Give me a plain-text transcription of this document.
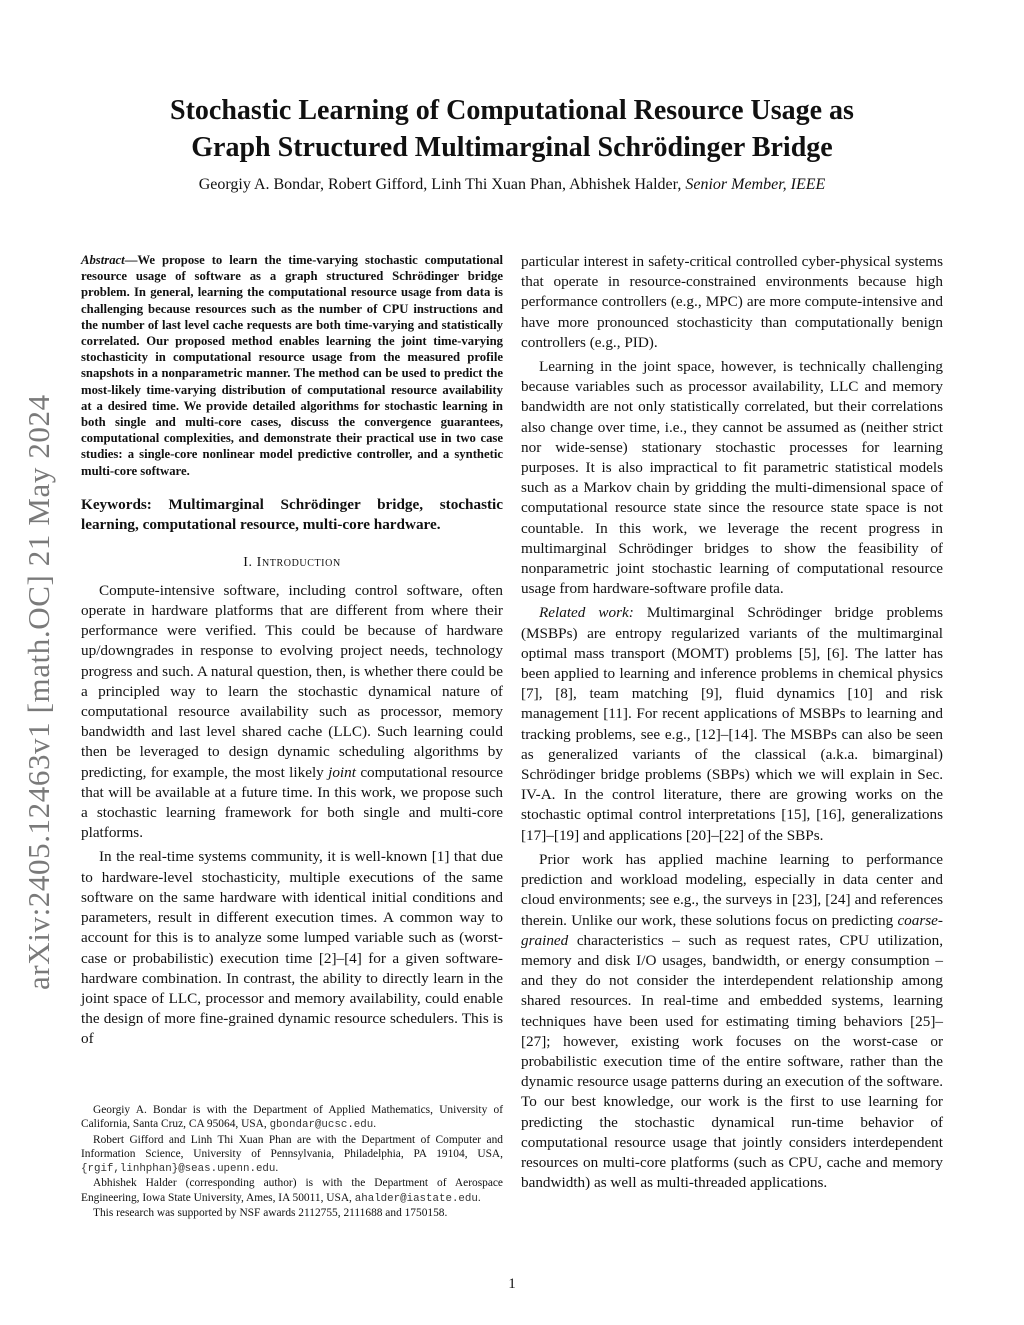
arXiv:2405.12463v1 [math.OC] 21 May 2024
Stochastic Learning of Computational Resource Usage as
Graph Structured Multimarginal Schrödinger Bridge
Georgiy A. Bondar, Robert Gifford, Linh Thi Xuan Phan, Abhishek Halder, Senior Member, IEEE

Abstract—We propose to learn the time-varying stochastic computational resource usage of software as a graph structured Schrödinger bridge problem. In general, learning the computational resource usage from data is challenging because resources such as the number of CPU instructions and the number of last level cache requests are both time-varying and statistically correlated. Our proposed method enables learning the joint time-varying stochasticity in computational resource usage from the measured profile snapshots in a nonparametric manner. The method can be used to predict the most-likely time-varying distribution of computational resource availability at a desired time. We provide detailed algorithms for stochastic learning in both single and multi-core cases, discuss the convergence guarantees, computational complexities, and demonstrate their practical use in two case studies: a single-core nonlinear model predictive controller, and a synthetic multi-core software.

Keywords: Multimarginal Schrödinger bridge, stochastic learning, computational resource, multi-core hardware.

I. Introduction

Compute-intensive software, including control software, often operate in hardware platforms that are different from where their performance were verified. This could be because of hardware up/downgrades in response to evolving project needs, technology progress and such. A natural question, then, is whether there could be a principled way to learn the stochastic dynamical nature of computational resource availability such as processor, memory bandwidth and last level shared cache (LLC). Such learning could then be leveraged to design dynamic scheduling algorithms by predicting, for example, the most likely joint computational resource that will be available at a future time. In this work, we propose such a stochastic learning framework for both single and multi-core platforms.

In the real-time systems community, it is well-known [1] that due to hardware-level stochasticity, multiple executions of the same software on the same hardware with identical initial conditions and parameters, result in different execution times. A common way to account for this is to analyze some lumped variable such as (worst-case or probabilistic) execution time [2]–[4] for a given software-hardware combination. In contrast, the ability to directly learn in the joint space of LLC, processor and memory availability, could enable the design of more fine-grained dynamic resource schedulers. This is of

Georgiy A. Bondar is with the Department of Applied Mathematics, University of California, Santa Cruz, CA 95064, USA, gbondar@ucsc.edu.

Robert Gifford and Linh Thi Xuan Phan are with the Department of Computer and Information Science, University of Pennsylvania, Philadelphia, PA 19104, USA, {rgif,linhphan}@seas.upenn.edu.

Abhishek Halder (corresponding author) is with the Department of Aerospace Engineering, Iowa State University, Ames, IA 50011, USA, ahalder@iastate.edu.

This research was supported by NSF awards 2112755, 2111688 and 1750158.

particular interest in safety-critical controlled cyber-physical systems that operate in resource-constrained environments because high performance controllers (e.g., MPC) are more compute-intensive and have more pronounced stochasticity than computationally benign controllers (e.g., PID).

Learning in the joint space, however, is technically challenging because variables such as processor availability, LLC and memory bandwidth are not only statistically correlated, but their correlations also change over time, i.e., they cannot be assumed as (neither strict nor wide-sense) stationary stochastic processes for learning purposes. It is also impractical to fit parametric statistical models such as a Markov chain by gridding the multi-dimensional space of computational resource state since the resource state space is not countable. In this work, we leverage the recent progress in multimarginal Schrödinger bridges to show the feasibility of nonparametric joint stochastic learning of computational resource usage from hardware-software profile data.

Related work: Multimarginal Schrödinger bridge problems (MSBPs) are entropy regularized variants of the multimarginal optimal mass transport (MOMT) problems [5], [6]. The latter has been applied to learning and inference problems in chemical physics [7], [8], team matching [9], fluid dynamics [10] and risk management [11]. For recent applications of MSBPs to learning and tracking problems, see e.g., [12]–[14]. The MSBPs can also be seen as generalized variants of the classical (a.k.a. bimarginal) Schrödinger bridge problems (SBPs) which we will explain in Sec. IV-A. In the control literature, there are growing works on the stochastic optimal control interpretations [15], [16], generalizations [17]–[19] and applications [20]–[22] of the SBPs.

Prior work has applied machine learning to performance prediction and workload modeling, especially in data center and cloud environments; see e.g., the surveys in [23], [24] and references therein. Unlike our work, these solutions focus on predicting coarse-grained characteristics – such as request rates, CPU utilization, memory and disk I/O usages, bandwidth, or energy consumption – and they do not consider the interdependent relationship among shared resources. In real-time and embedded systems, learning techniques have been used for estimating timing behaviors [25]–[27]; however, existing work focuses on the worst-case or probabilistic execution time of the entire software, rather than the dynamic resource usage patterns during an execution of the software. To our best knowledge, our work is the first to use learning for predicting the stochastic dynamical run-time behavior of computational resource usage that jointly considers interdependent resources on multi-core platforms (such as CPU, cache and memory bandwidth) as well as multi-threaded applications.

1
